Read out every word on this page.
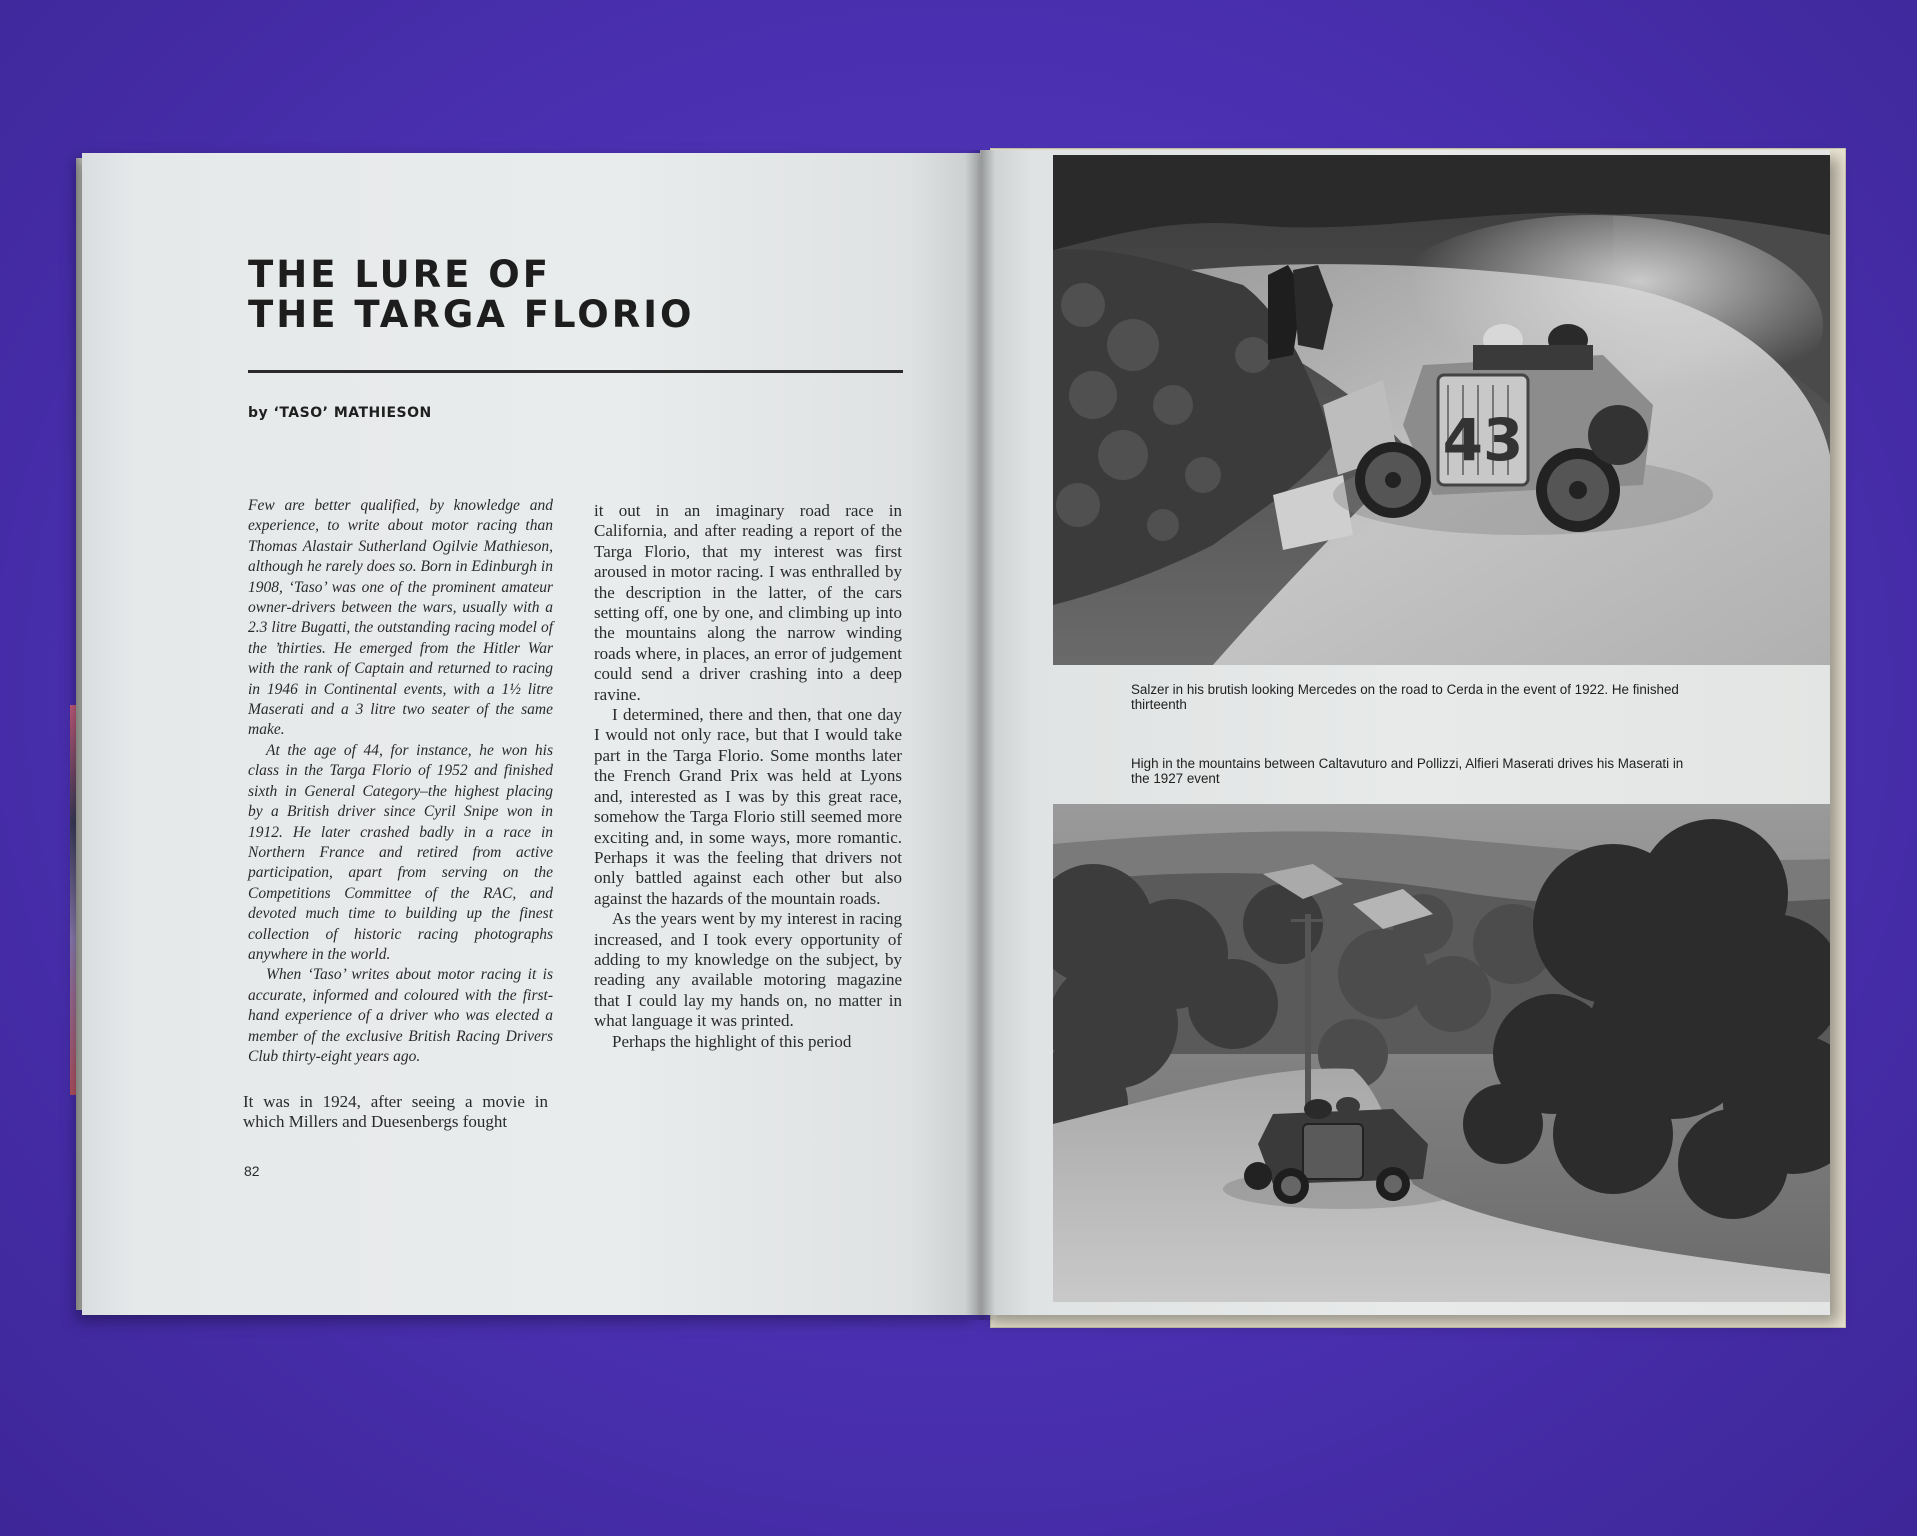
THE LURE OF
THE TARGA FLORIO
by ‘TASO’ MATHIESON

Few are better qualified, by knowledge and experience, to write about motor racing than Thomas Alastair Sutherland Ogilvie Mathieson, although he rarely does so. Born in Edinburgh in 1908, ‘Taso’ was one of the prominent amateur owner-drivers between the wars, usually with a 2.3 litre Bugatti, the outstanding racing model of the ’thirties. He emerged from the Hitler War with the rank of Captain and returned to racing in 1946 in Continental events, with a 1½ litre Maserati and a 3 litre two seater of the same make.

At the age of 44, for instance, he won his class in the Targa Florio of 1952 and finished sixth in General Category–the highest placing by a British driver since Cyril Snipe won in 1912. He later crashed badly in a race in Northern France and retired from active participation, apart from serving on the Competitions Committee of the RAC, and devoted much time to building up the finest collection of historic racing photographs anywhere in the world.

When ‘Taso’ writes about motor racing it is accurate, informed and coloured with the first-hand experience of a driver who was elected a member of the exclusive British Racing Drivers Club thirty-eight years ago.

It was in 1924, after seeing a movie in which Millers and Duesenbergs fought

it out in an imaginary road race in California, and after reading a report of the Targa Florio, that my interest was first aroused in motor racing. I was enthralled by the description in the latter, of the cars setting off, one by one, and climbing up into the mountains along the narrow winding roads where, in places, an error of judgement could send a driver crashing into a deep ravine.

I determined, there and then, that one day I would not only race, but that I would take part in the Targa Florio. Some months later the French Grand Prix was held at Lyons and, interested as I was by this great race, somehow the Targa Florio still seemed more exciting and, in some ways, more romantic. Perhaps it was the feeling that drivers not only battled against each other but also against the hazards of the mountain roads.

As the years went by my interest in racing increased, and I took every opportunity of adding to my knowledge on the subject, by reading any available motoring magazine that I could lay my hands on, no matter in what language it was printed.

Perhaps the highlight of this period

82
43
Salzer in his brutish looking Mercedes on the road to Cerda in the event of 1922. He finished thirteenth
High in the mountains between Caltavuturo and Pollizzi, Alfieri Maserati drives his Maserati in the 1927 event
